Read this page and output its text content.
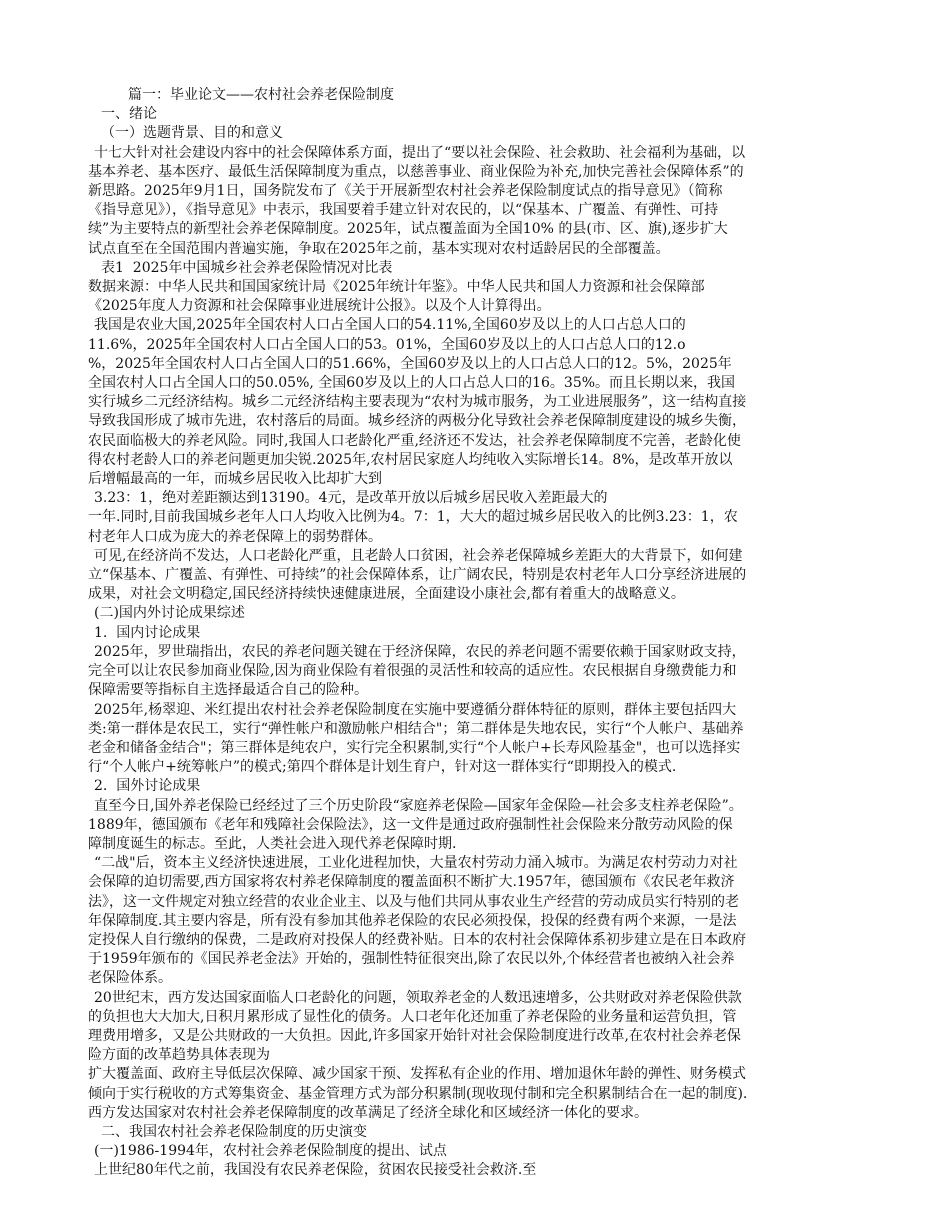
篇一：毕业论文——农村社会养老保险制度
一、绪论
（一）选题背景、目的和意义
十七大针对社会建设内容中的社会保障体系方面，提出了“要以社会保险、社会救助、社会福利为基础，以
基本养老、基本医疗、最低生活保障制度为重点，以慈善事业、商业保险为补充,加快完善社会保障体系”的
新思路。2025年9月1日，国务院发布了《关于开展新型农村社会养老保险制度试点的指导意见》（简称
《指导意见》），《指导意见》中表示，我国要着手建立针对农民的，以“保基本、广覆盖、有弹性、可持
续”为主要特点的新型社会养老保障制度。2025年，试点覆盖面为全国10% 的县(市、区、旗),逐步扩大
试点直至在全国范围内普遍实施，争取在2025年之前，基本实现对农村适龄居民的全部覆盖。
表1  2025年中国城乡社会养老保险情况对比表
数据来源：中华人民共和国国家统计局《2025年统计年鉴》。中华人民共和国人力资源和社会保障部
《2025年度人力资源和社会保障事业进展统计公报》。以及个人计算得出。
我国是农业大国,2025年全国农村人口占全国人口的54.11%,全国60岁及以上的人口占总人口的
11.6%，2025年全国农村人口占全国人口的53。01%，全国60岁及以上的人口占总人口的12.o
%，2025年全国农村人口占全国人口的51.66%，全国60岁及以上的人口占总人口的12。5%，2025年
全国农村人口占全国人口的50.05%, 全国60岁及以上的人口占总人口的16。35%。而且长期以来，我国
实行城乡二元经济结构。城乡二元经济结构主要表现为“农村为城市服务，为工业进展服务”，这一结构直接
导致我国形成了城市先进，农村落后的局面。城乡经济的两极分化导致社会养老保障制度建设的城乡失衡，
农民面临极大的养老风险。同时,我国人口老龄化严重,经济还不发达，社会养老保障制度不完善，老龄化使
得农村老龄人口的养老问题更加尖锐.2025年,农村居民家庭人均纯收入实际增长14。8%，是改革开放以
后增幅最高的一年，而城乡居民收入比却扩大到
3.23：1，绝对差距额达到13190。4元，是改革开放以后城乡居民收入差距最大的
一年.同时,目前我国城乡老年人口人均收入比例为4。7：1，大大的超过城乡居民收入的比例3.23：1，农
村老年人口成为庞大的养老保障上的弱势群体。
可见,在经济尚不发达，人口老龄化严重，且老龄人口贫困，社会养老保障城乡差距大的大背景下，如何建
立“保基本、广覆盖、有弹性、可持续”的社会保障体系，让广阔农民，特别是农村老年人口分享经济进展的
成果，对社会文明稳定,国民经济持续快速健康进展，全面建设小康社会,都有着重大的战略意义。
(二)国内外讨论成果综述
1.  国内讨论成果
2025年，罗世瑞指出，农民的养老问题关键在于经济保障，农民的养老问题不需要依赖于国家财政支持，
完全可以让农民参加商业保险,因为商业保险有着很强的灵活性和较高的适应性。农民根据自身缴费能力和
保障需要等指标自主选择最适合自己的险种。
2025年,杨翠迎、米红提出农村社会养老保险制度在实施中要遵循分群体特征的原则，群体主要包括四大
类:第一群体是农民工，实行“弹性帐户和激励帐户相结合"；第二群体是失地农民，实行“个人帐户、基础养
老金和储备金结合"；第三群体是纯农户，实行完全积累制,实行“个人帐户+长寿风险基金"，也可以选择实
行“个人帐户+统筹帐户”的模式;第四个群体是计划生育户，针对这一群体实行“即期投入的模式.
2.  国外讨论成果
直至今日,国外养老保险已经经过了三个历史阶段“家庭养老保险—国家年金保险—社会多支柱养老保险”。
1889年，德国颁布《老年和残障社会保险法》，这一文件是通过政府强制性社会保险来分散劳动风险的保
障制度诞生的标志。至此，人类社会进入现代养老保障时期.
“二战"后，资本主义经济快速进展，工业化进程加快，大量农村劳动力涌入城市。为满足农村劳动力对社
会保障的迫切需要,西方国家将农村养老保障制度的覆盖面积不断扩大.1957年，德国颁布《农民老年救济
法》，这一文件规定对独立经营的农业企业主、以及与他们共同从事农业生产经营的劳动成员实行特别的老
年保障制度.其主要内容是，所有没有参加其他养老保险的农民必须投保，投保的经费有两个来源，一是法
定投保人自行缴纳的保费，二是政府对投保人的经费补贴。日本的农村社会保障体系初步建立是在日本政府
于1959年颁布的《国民养老金法》开始的，强制性特征很突出,除了农民以外,个体经营者也被纳入社会养
老保险体系。
20世纪末，西方发达国家面临人口老龄化的问题，领取养老金的人数迅速增多，公共财政对养老保险供款
的负担也大大加大,日积月累形成了显性化的债务。人口老年化还加重了养老保险的业务量和运营负担，管
理费用增多，又是公共财政的一大负担。因此,许多国家开始针对社会保险制度进行改革,在农村社会养老保
险方面的改革趋势具体表现为
扩大覆盖面、政府主导低层次保障、减少国家干预、发挥私有企业的作用、增加退休年龄的弹性、财务模式
倾向于实行税收的方式筹集资金、基金管理方式为部分积累制(现收现付制和完全积累制结合在一起的制度).
西方发达国家对农村社会养老保障制度的改革满足了经济全球化和区域经济一体化的要求。
二、我国农村社会养老保险制度的历史演变
(一)1986-1994年，农村社会养老保险制度的提出、试点
上世纪80年代之前，我国没有农民养老保险，贫困农民接受社会救济.至
